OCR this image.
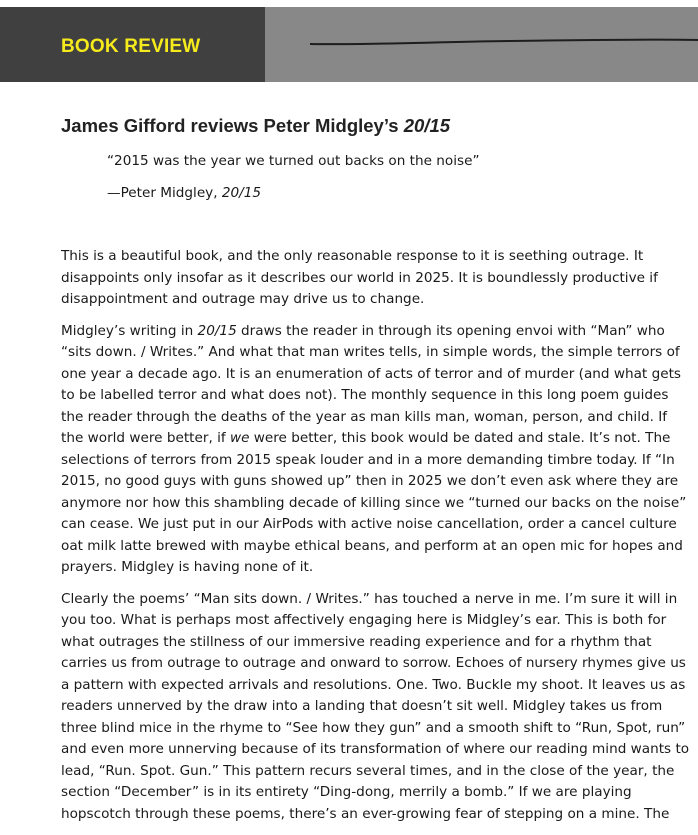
BOOK REVIEW
James Gifford reviews Peter Midgley’s 20/15

“2015 was the year we turned out backs on the noise”

—Peter Midgley, 20/15

This is a beautiful book, and the only reasonable response to it is seething outrage. It
disappoints only insofar as it describes our world in 2025. It is boundlessly productive if
disappointment and outrage may drive us to change.

Midgley’s writing in 20/15 draws the reader in through its opening envoi with “Man” who
“sits down. / Writes.” And what that man writes tells, in simple words, the simple terrors of
one year a decade ago. It is an enumeration of acts of terror and of murder (and what gets
to be labelled terror and what does not). The monthly sequence in this long poem guides
the reader through the deaths of the year as man kills man, woman, person, and child. If
the world were better, if we were better, this book would be dated and stale. It’s not. The
selections of terrors from 2015 speak louder and in a more demanding timbre today. If “In
2015, no good guys with guns showed up” then in 2025 we don’t even ask where they are
anymore nor how this shambling decade of killing since we “turned our backs on the noise”
can cease. We just put in our AirPods with active noise cancellation, order a cancel culture
oat milk latte brewed with maybe ethical beans, and perform at an open mic for hopes and
prayers. Midgley is having none of it.

Clearly the poems’ “Man sits down. / Writes.” has touched a nerve in me. I’m sure it will in
you too. What is perhaps most affectively engaging here is Midgley’s ear. This is both for
what outrages the stillness of our immersive reading experience and for a rhythm that
carries us from outrage to outrage and onward to sorrow. Echoes of nursery rhymes give us
a pattern with expected arrivals and resolutions. One. Two. Buckle my shoot. It leaves us as
readers unnerved by the draw into a landing that doesn’t sit well. Midgley takes us from
three blind mice in the rhyme to “See how they gun” and a smooth shift to “Run, Spot, run”
and even more unnerving because of its transformation of where our reading mind wants to
lead, “Run. Spot. Gun.” This pattern recurs several times, and in the close of the year, the
section “December” is in its entirety “Ding-dong, merrily a bomb.” If we are playing
hopscotch through these poems, there’s an ever-growing fear of stepping on a mine. The
